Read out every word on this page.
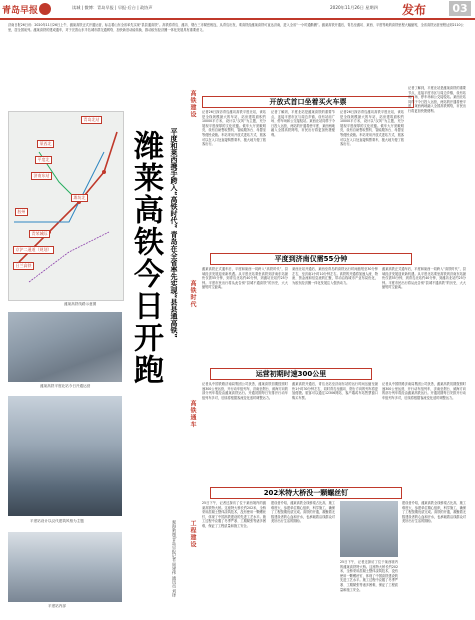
青岛早报	读城 | 微博：青岛早报 | 早报·后台 | 政协声	2020年11月26日 星期四 发布	03
济南日报26日讯：2020年11月26日上午，潍莱高铁正式开通运营，标志着山东全省率先实现“县县通高铁”。高铁将青岛、潍坊、烟台三市紧密相连，从青岛出发，乘高铁经潍莱高铁可直达济南，进入全省“一小时通勤圈”。潍莱高铁开通后，青岛至潍坊、莱西、平度等地的高铁里程大幅缩短，全省高铁运营里程达到2110公里，居全国前列。潍莱高铁的建成通车，对于完善山东半岛城市群交通网络、加快新旧动能转换、推动胶东经济圈一体化发展具有重要意义。
青岛北站
莱西北
平度北
济南东站
潍坊北
胶州
日兰高铁
京沪二通道（规划）
青荣城际
潍莱高铁线路示意图 潍莱高铁今日开跑 平度和莱西携手跨入“高铁时代” 青岛在全省率先实现“县县通高铁”
潍莱高铁平度北站今日开通运营
平度站设计以汉代建筑风格为主题
平度站内部
观海新闻/青岛早报记者 周建伟 通讯员 刘铎
高铁建设	开放式首口坐着买火车票
记者26日探访青岛潍坊高铁平度北站，该站是全线规模最大的车站，站房建筑面积约10000平方米，设计以“汉风”为主题，充分展现平度深厚的文化底蕴。候车大厅宽敞明亮，设有自助售取票机、智能服务台、母婴室等便民设施。车站采用开放式进站方式，旅客可以在入口处直接购票乘车，极大地方便了旅客出行。
记者了解到，平度北站是潍莱高铁的重要节点，连接平度市区与周边乡镇，设有站前广场、停车场和公交接驳站。莱西北站同样于今日投入运营，两站的开通将使平度、莱西两地融入全国高铁网络，市民出行将更加快捷便利。
记者26日探访青岛潍坊高铁平度北站，该站是全线规模最大的车站，站房建筑面积约10000平方米，设计以“汉风”为主题，充分展现平度深厚的文化底蕴。候车大厅宽敞明亮，设有自助售取票机、智能服务台、母婴室等便民设施。车站采用开放式进站方式，旅客可以在入口处直接购票乘车，极大地方便了旅客出行。
记者了解到，平度北站是潍莱高铁的重要节点，连接平度市区与周边乡镇，设有站前广场、停车场和公交接驳站。莱西北站同样于今日投入运营，两站的开通将使平度、莱西两地融入全国高铁网络，市民出行将更加快捷便利。
平度到济南仅需55分钟
高铁时代
潍莱高铁正式通车后，平度和莱西一同跨入“高铁时代”，县域经济发展迎来新机遇。从平度北站乘坐高铁到济南东站最快仅需55分钟，到青岛北站约40分钟，到潍坊北站约25分钟。平度市民出行将从此告别“县城不通高铁”的历史，大大缩短时空距离。
莱西北站开通后，莱西至青岛的高铁运行时间缩短至30分钟左右，至济南1小时10分钟左右。高铁的开通将加速人流、物流、资金流和信息流的汇聚，带动沿线城市产业布局优化，为胶东经济圈一体化发展注入强劲动力。
潍莱高铁正式通车后，平度和莱西一同跨入“高铁时代”，县域经济发展迎来新机遇。从平度北站乘坐高铁到济南东站最快仅需55分钟，到青岛北站约40分钟，到潍坊北站约25分钟。平度市民出行将从此告别“县城不通高铁”的历史，大大缩短时空距离。
运营初期时速300公里
高铁通车
记者从中国铁路济南局集团公司获悉，潍莱高铁初期按照时速300公里运营，开行动车组列车，济南至烟台、威海方向的部分列车将经由潍莱高铁运行。开通初期每日安排开行动车组列车多对，后续将根据客流变化适时调整运力。
潍莱高铁开通后，青岛北站至济南东站的运行时间压缩至最快1小时30分钟左右，同时青岛至潍坊、烟台方向的列车将更加便捷。旅客可以通过12306网站、客户端或车站售票窗口购买车票。
记者从中国铁路济南局集团公司获悉，潍莱高铁初期按照时速300公里运营，开行动车组列车，济南至烟台、威海方向的部分列车将经由潍莱高铁运行。开通初期每日安排开行动车组列车多对，后续将根据客流变化适时调整运力。
202米特大桥没一颗螺丝钉
工程建设
25日下午，记者还探访了位于莱西境内的潍莱高铁特大桥。这座特大桥长约202米，全桥采用混凝土整体浇筑技术，没有使用一颗螺丝钉，体现了中国高铁建设的先进工艺水平。施工过程中克服了冬季严寒、工期紧张等诸多困难，保证了工程质量和施工安全。
建设者介绍，潍莱高铁全线桥梁占比高，施工难度大，参建单位精心组织，科学施工，确保了工程按期优质完成。高铁的开通，凝聚着无数建设者的心血和汗水，也承载着沿线群众对美好出行生活的期盼。
25日下午，记者还探访了位于莱西境内的潍莱高铁特大桥。这座特大桥长约202米，全桥采用混凝土整体浇筑技术，没有使用一颗螺丝钉，体现了中国高铁建设的先进工艺水平。施工过程中克服了冬季严寒、工期紧张等诸多困难，保证了工程质量和施工安全。
建设者介绍，潍莱高铁全线桥梁占比高，施工难度大，参建单位精心组织，科学施工，确保了工程按期优质完成。高铁的开通，凝聚着无数建设者的心血和汗水，也承载着沿线群众对美好出行生活的期盼。
